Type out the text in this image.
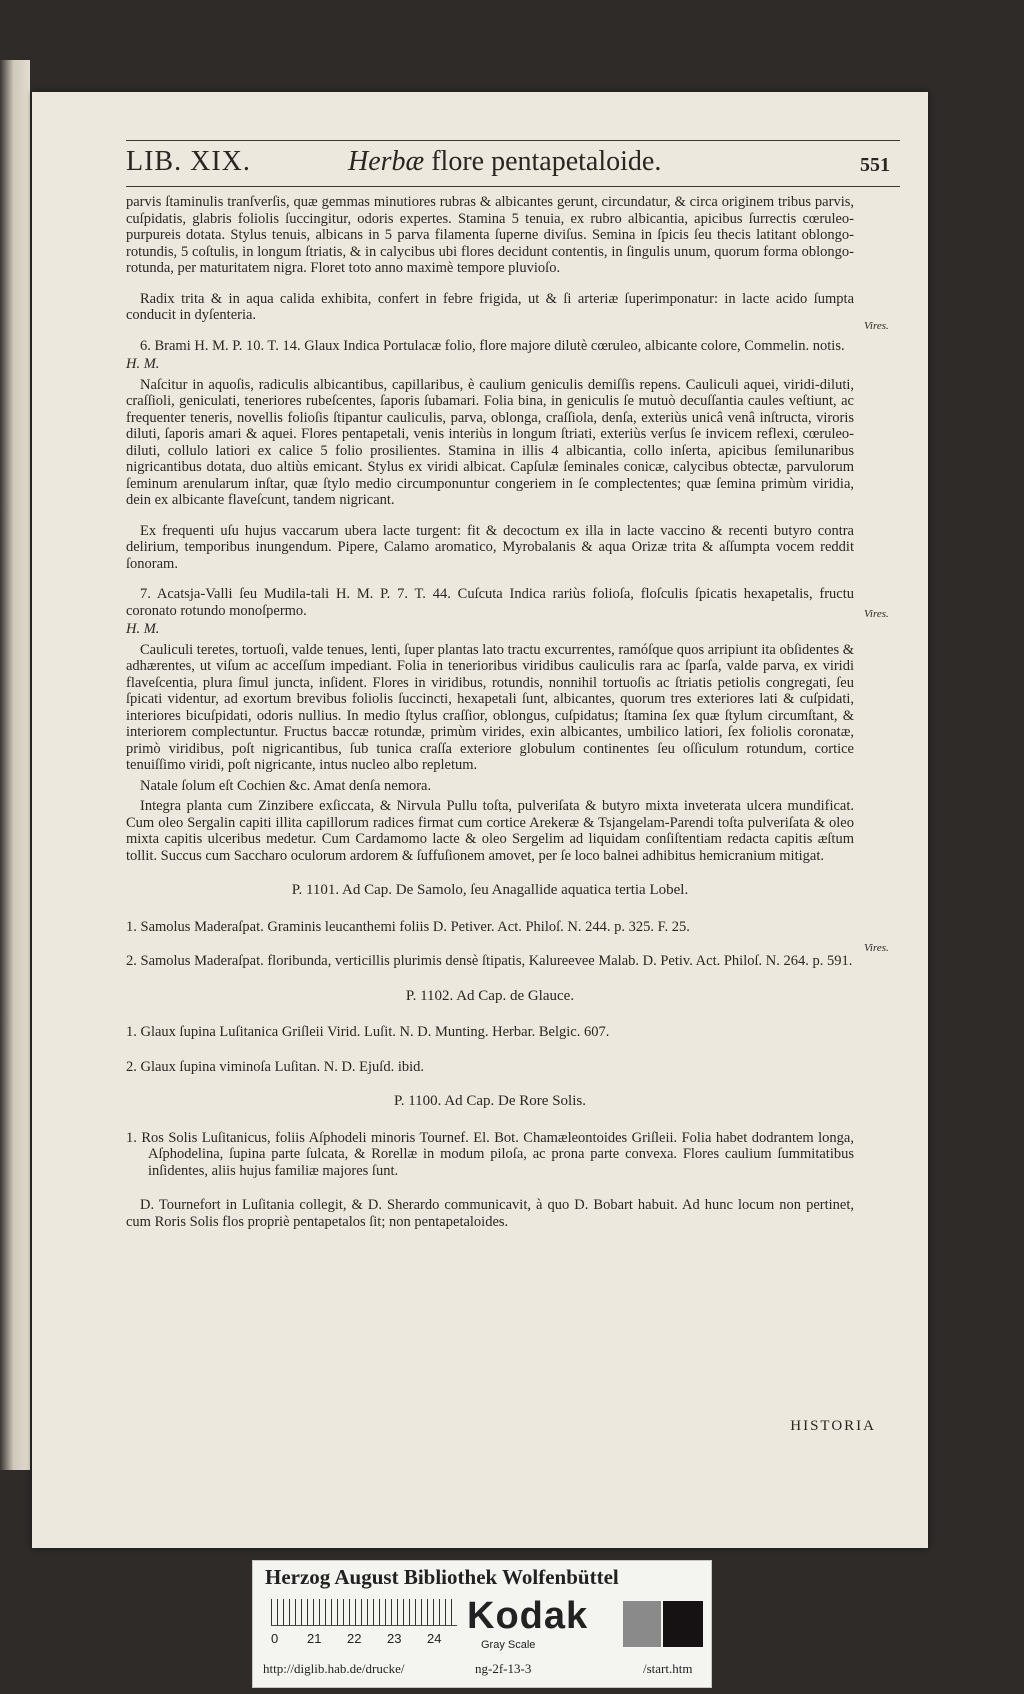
LIB. XIX.	Herbæ flore pentapetaloide.	551

parvis ſtaminulis tranſverſis, quæ gemmas minutiores rubras & albicantes gerunt, circundatur, & circa originem tribus parvis, cuſpidatis, glabris foliolis ſuccingitur, odoris expertes. Stamina 5 tenuia, ex rubro albicantia, apicibus ſurrectis cœruleo-purpureis dotata. Stylus tenuis, albicans in 5 parva filamenta ſuperne diviſus. Semina in ſpicis ſeu thecis latitant oblongo-rotundis, 5 coſtulis, in longum ſtriatis, & in calycibus ubi flores decidunt contentis, in ſingulis unum, quorum forma oblongo-rotunda, per maturitatem nigra. Floret toto anno maximè tempore pluvioſo.

Radix trita & in aqua calida exhibita, confert in febre frigida, ut & ſi arteriæ ſuperimponatur: in lacte acido ſumpta conducit in dyſenteria.

6. Brami H. M. P. 10. T. 14. Glaux Indica Portulacæ folio, flore majore dilutè cœruleo, albicante colore, Commelin. notis.

H. M.

Naſcitur in aquoſis, radiculis albicantibus, capillaribus, è caulium geniculis demiſſis repens. Cauliculi aquei, viridi-diluti, craſſioli, geniculati, teneriores rubeſcentes, ſaporis ſubamari. Folia bina, in geniculis ſe mutuò decuſſantia caules veſtiunt, ac frequenter teneris, novellis folioſis ſtipantur cauliculis, parva, oblonga, craſſiola, denſa, exteriùs unicâ venâ inſtructa, viroris diluti, ſaporis amari & aquei. Flores pentapetali, venis interiùs in longum ſtriati, exteriùs verſus ſe invicem reflexi, cœruleo-diluti, collulo latiori ex calice 5 folio prosilientes. Stamina in illis 4 albicantia, collo inſerta, apicibus ſemilunaribus nigricantibus dotata, duo altiùs emicant. Stylus ex viridi albicat. Capſulæ ſeminales conicæ, calycibus obtectæ, parvulorum ſeminum arenularum inſtar, quæ ſtylo medio circumponuntur congeriem in ſe complectentes; quæ ſemina primùm viridia, dein ex albicante flaveſcunt, tandem nigricant.

Ex frequenti uſu hujus vaccarum ubera lacte turgent: fit & decoctum ex illa in lacte vaccino & recenti butyro contra delirium, temporibus inungendum. Pipere, Calamo aromatico, Myrobalanis & aqua Orizæ trita & aſſumpta vocem reddit ſonoram.

7. Acatsja-Valli ſeu Mudila-tali H. M. P. 7. T. 44. Cuſcuta Indica rariùs folioſa, floſculis ſpicatis hexapetalis, fructu coronato rotundo monoſpermo.

H. M.

Cauliculi teretes, tortuoſi, valde tenues, lenti, ſuper plantas lato tractu excurrentes, ramóſque quos arripiunt ita obſidentes & adhærentes, ut viſum ac acceſſum impediant. Folia in tenerioribus viridibus cauliculis rara ac ſparſa, valde parva, ex viridi flaveſcentia, plura ſimul juncta, inſident. Flores in viridibus, rotundis, nonnihil tortuoſis ac ſtriatis petiolis congregati, ſeu ſpicati videntur, ad exortum brevibus foliolis ſuccincti, hexapetali ſunt, albicantes, quorum tres exteriores lati & cuſpidati, interiores bicuſpidati, odoris nullius. In medio ſtylus craſſior, oblongus, cuſpidatus; ſtamina ſex quæ ſtylum circumſtant, & interiorem complectuntur. Fructus baccæ rotundæ, primùm virides, exin albicantes, umbilico latiori, ſex foliolis coronatæ, primò viridibus, poſt nigricantibus, ſub tunica craſſa exteriore globulum continentes ſeu oſſiculum rotundum, cortice tenuiſſimo viridi, poſt nigricante, intus nucleo albo repletum.

Natale ſolum eſt Cochien &c. Amat denſa nemora.

Integra planta cum Zinzibere exſiccata, & Nirvula Pullu toſta, pulveriſata & butyro mixta inveterata ulcera mundificat. Cum oleo Sergalin capiti illita capillorum radices firmat cum cortice Arekeræ & Tsjangelam-Parendi toſta pulveriſata & oleo mixta capitis ulceribus medetur. Cum Cardamomo lacte & oleo Sergelim ad liquidam conſiſtentiam redacta capitis æſtum tollit. Succus cum Saccharo oculorum ardorem & ſuffuſionem amovet, per ſe loco balnei adhibitus hemicranium mitigat.

P. 1101. Ad Cap. De Samolo, ſeu Anagallide aquatica tertia Lobel.

1. Samolus Maderaſpat. Graminis leucanthemi foliis D. Petiver. Act. Philoſ. N. 244. p. 325. F. 25.

2. Samolus Maderaſpat. floribunda, verticillis plurimis densè ſtipatis, Kalureevee Malab. D. Petiv. Act. Philoſ. N. 264. p. 591.

P. 1102. Ad Cap. de Glauce.

1. Glaux ſupina Luſitanica Griſleii Virid. Luſit. N. D. Munting. Herbar. Belgic. 607.

2. Glaux ſupina viminoſa Luſitan. N. D. Ejuſd. ibid.

P. 1100. Ad Cap. De Rore Solis.

1. Ros Solis Luſitanicus, foliis Aſphodeli minoris Tournef. El. Bot. Chamæleontoides Griſleii. Folia habet dodrantem longa, Aſphodelina, ſupina parte ſulcata, & Rorellæ in modum piloſa, ac prona parte convexa. Flores caulium ſummitatibus inſidentes, aliis hujus familiæ majores ſunt.

D. Tournefort in Luſitania collegit, & D. Sherardo communicavit, à quo D. Bobart habuit. Ad hunc locum non pertinet, cum Roris Solis flos propriè pentapetalos ſit; non pentapetaloides.

Vires.
Vires.
Vires.
HISTORIA
Herzog August Bibliothek Wolfenbüttel
0 21 22 23 24
Kodak
Gray Scale
http://diglib.hab.de/drucke/	ng-2f-13-3	/start.htm
